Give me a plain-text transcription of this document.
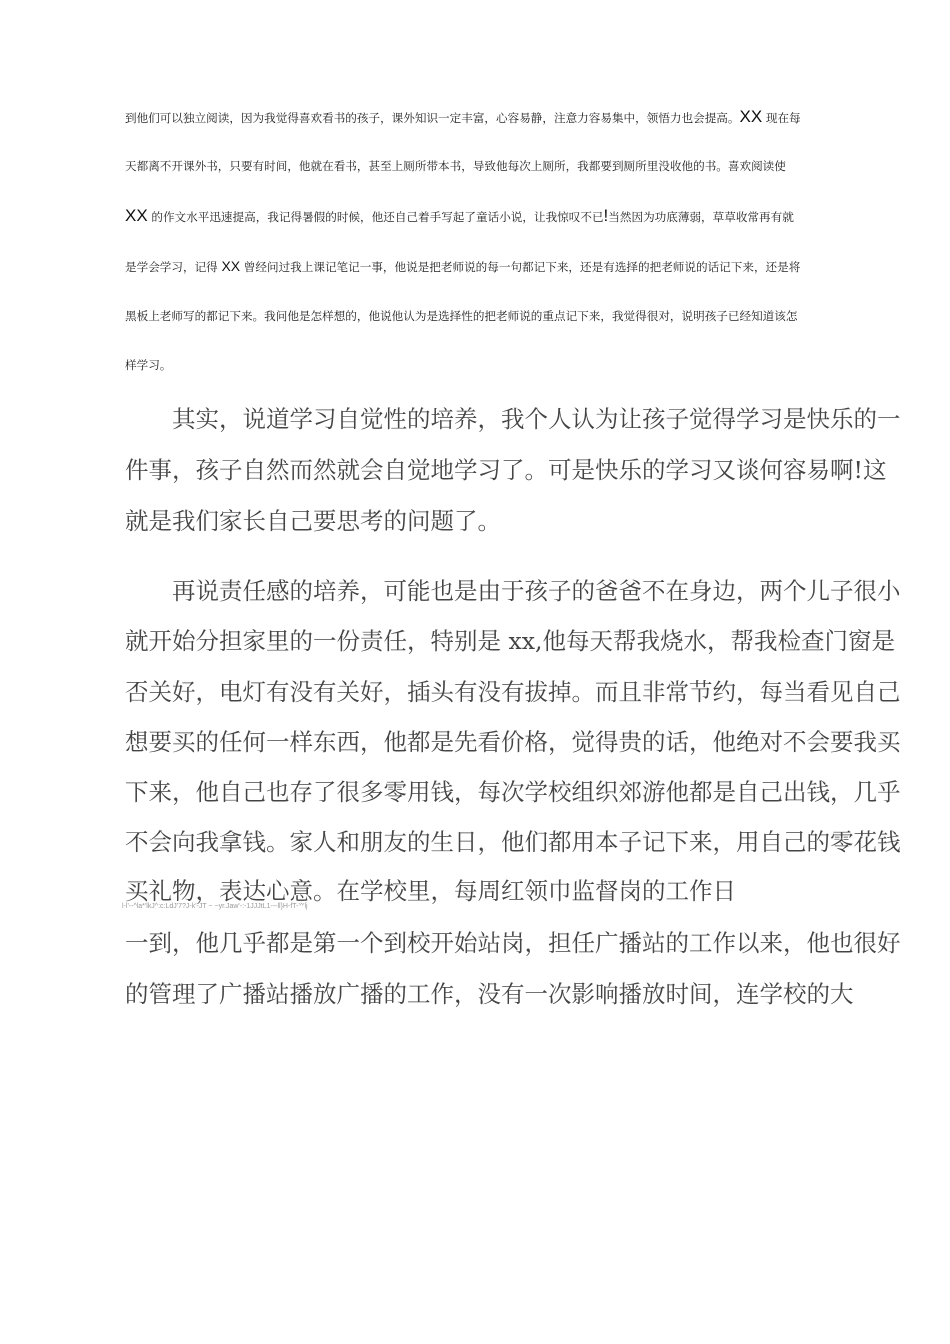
到他们可以独立阅读，因为我觉得喜欢看书的孩子，课外知识一定丰富，心容易静，注意力容易集中，领悟力也会提高。XX 现在每
天都离不开课外书，只要有时间，他就在看书，甚至上厕所带本书，导致他每次上厕所，我都要到厕所里没收他的书。喜欢阅读使
XX 的作文水平迅速提高，我记得暑假的时候，他还自己着手写起了童话小说，让我惊叹不已!当然因为功底薄弱，草草收常再有就
是学会学习，记得 XX 曾经问过我上课记笔记一事，他说是把老师说的每一句都记下来，还是有选择的把老师说的话记下来，还是将
黑板上老师写的都记下来。我问他是怎样想的，他说他认为是选择性的把老师说的重点记下来，我觉得很对，说明孩子已经知道该怎
样学习。
其实，说道学习自觉性的培养，我个人认为让孩子觉得学习是快乐的一
件事，孩子自然而然就会自觉地学习了。可是快乐的学习又谈何容易啊!这
就是我们家长自己要思考的问题了。
再说责任感的培养，可能也是由于孩子的爸爸不在身边，两个儿子很小
就开始分担家里的一份责任，特别是 xx,他每天帮我烧水，帮我检查门窗是
否关好，电灯有没有关好，插头有没有拔掉。而且非常节约，每当看见自己
想要买的任何一样东西，他都是先看价格，觉得贵的话，他绝对不会要我买
下来，他自己也存了很多零用钱，每次学校组织郊游他都是自己出钱，几乎
不会向我拿钱。家人和朋友的生日，他们都用本子记下来，用自己的零花钱
买礼物，表达心意。在学校里，每周红领巾监督岗的工作日
l-l'--^la*'lkJ^:c:LdJ'7?J-k'-JT ~ ~yr.Jaw'-:-1JJJtL1---ll}H-fT-'^'lj
一到，他几乎都是第一个到校开始站岗，担任广播站的工作以来，他也很好
的管理了广播站播放广播的工作，没有一次影响播放时间，连学校的大
